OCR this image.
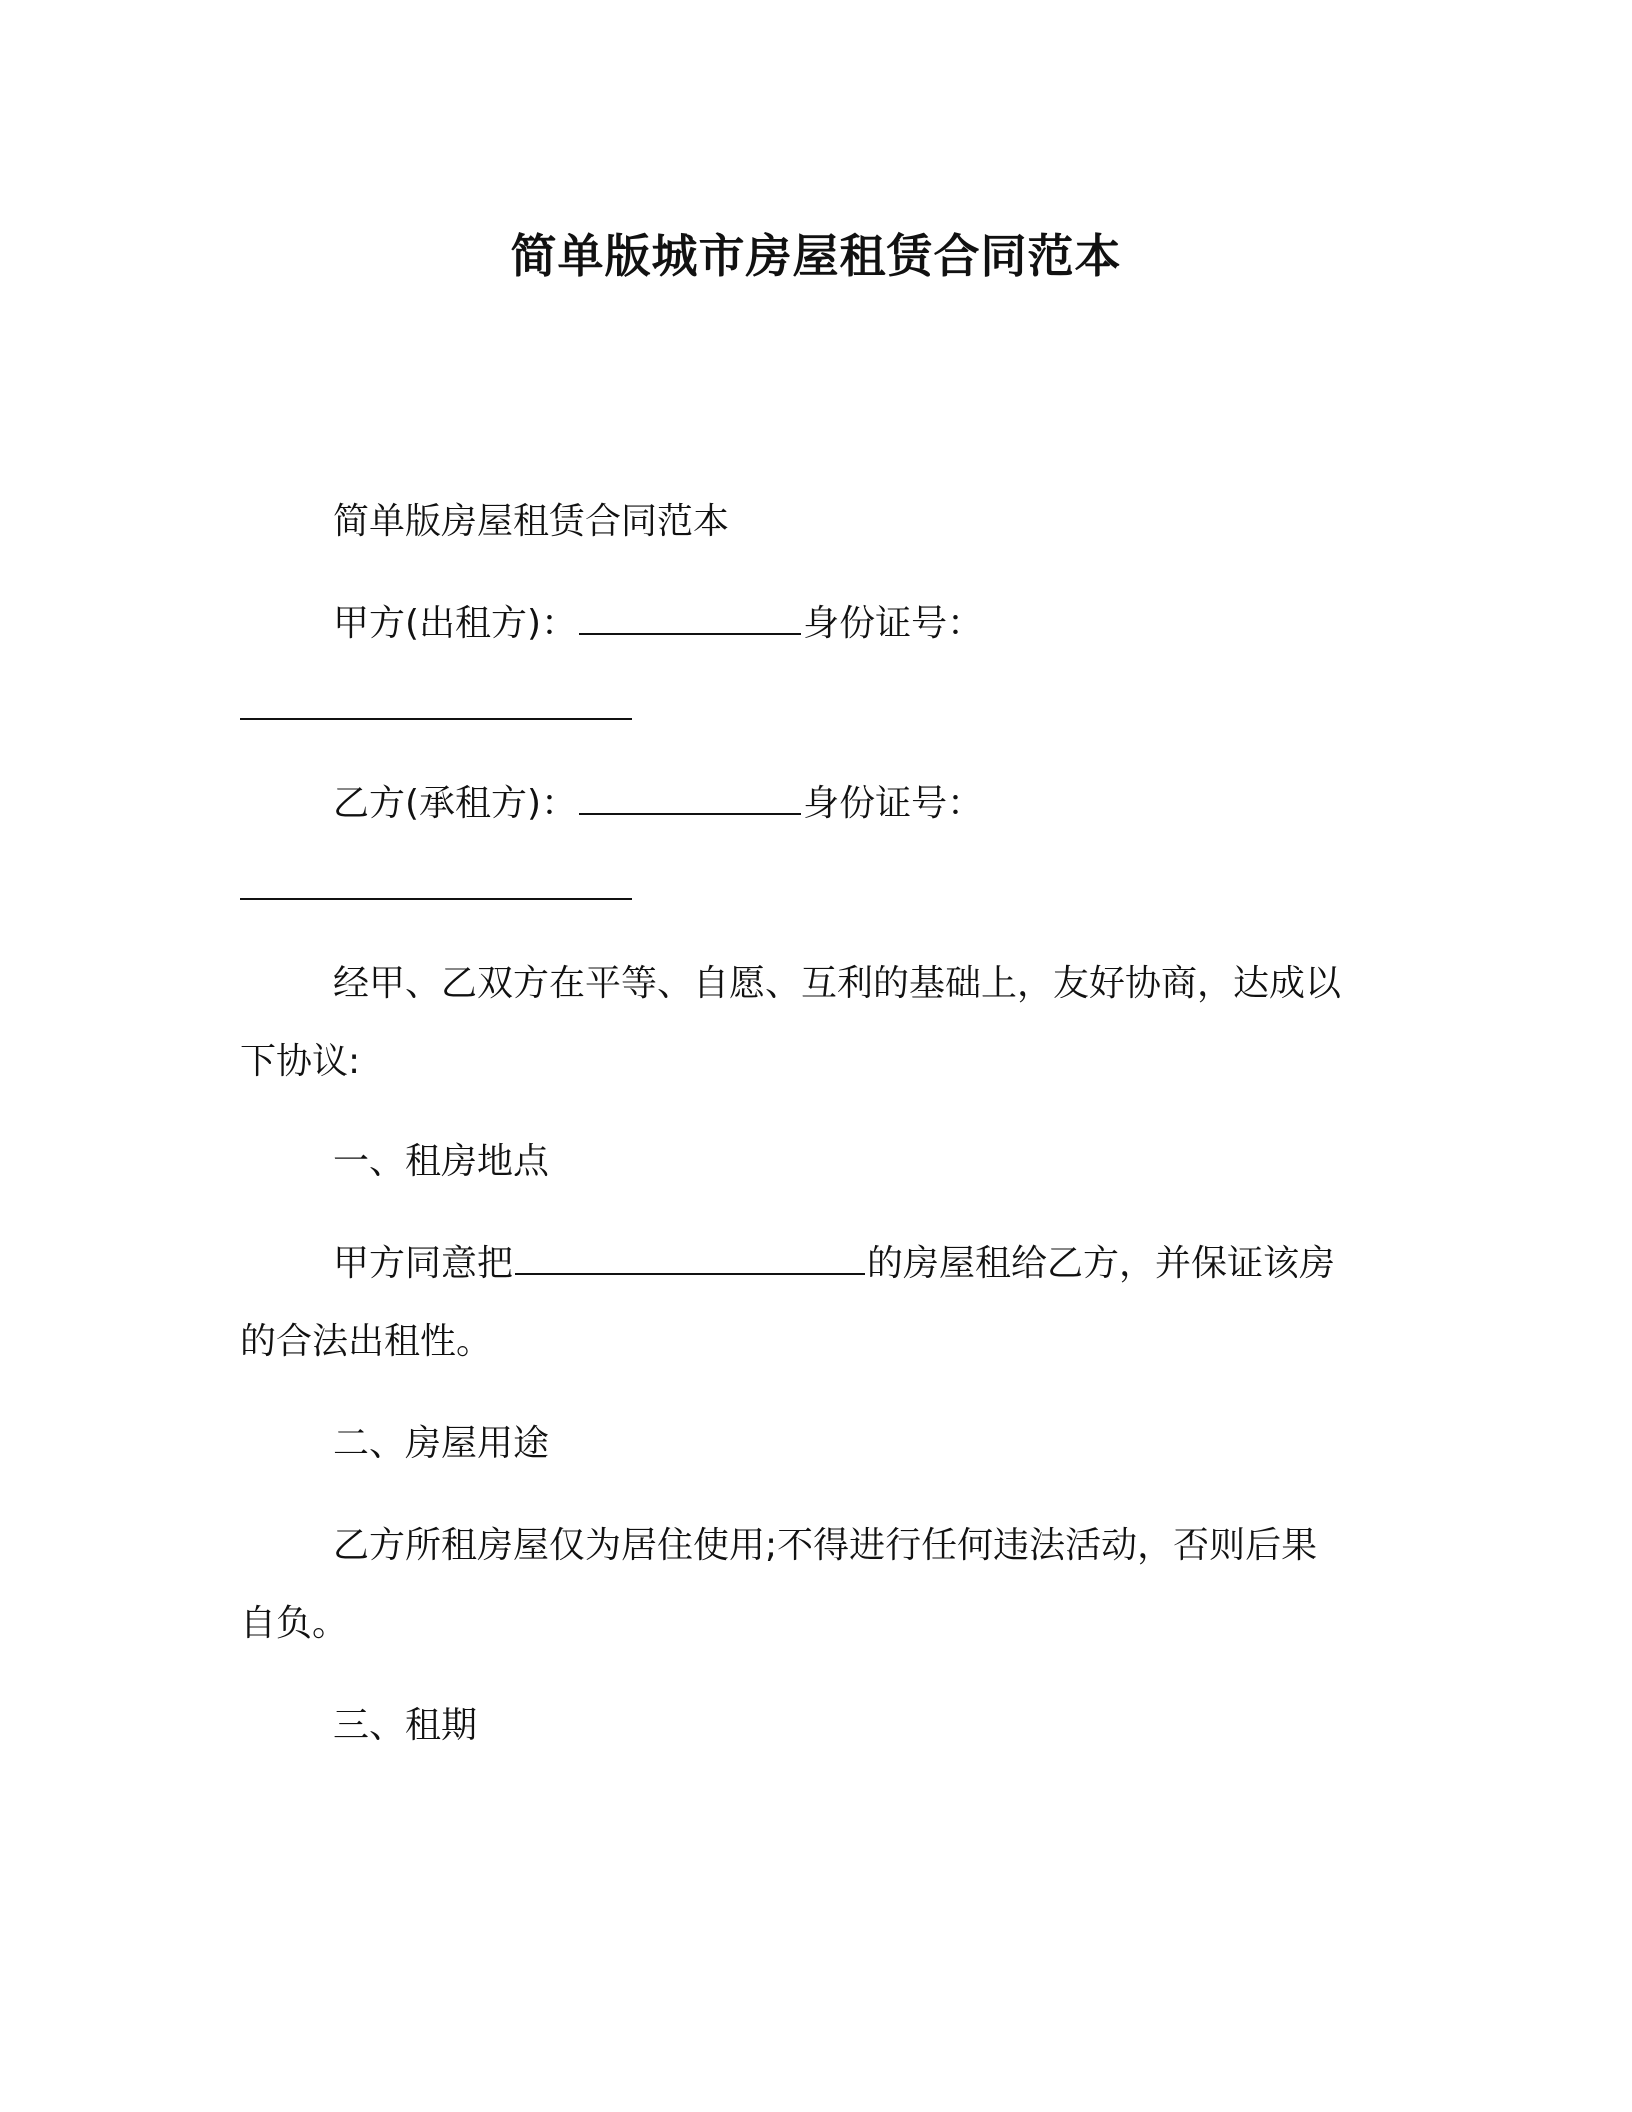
简单版城市房屋租赁合同范本
简单版房屋租赁合同范本
甲方(出租方)：	身份证号：
乙方(承租方)：	身份证号：
经甲、乙双方在平等、自愿、互利的基础上，友好协商，达成以
下协议:
一、租房地点
甲方同意把	的房屋租给乙方，并保证该房
的合法出租性。
二、房屋用途
乙方所租房屋仅为居住使用;不得进行任何违法活动，否则后果
自负。
三、租期
